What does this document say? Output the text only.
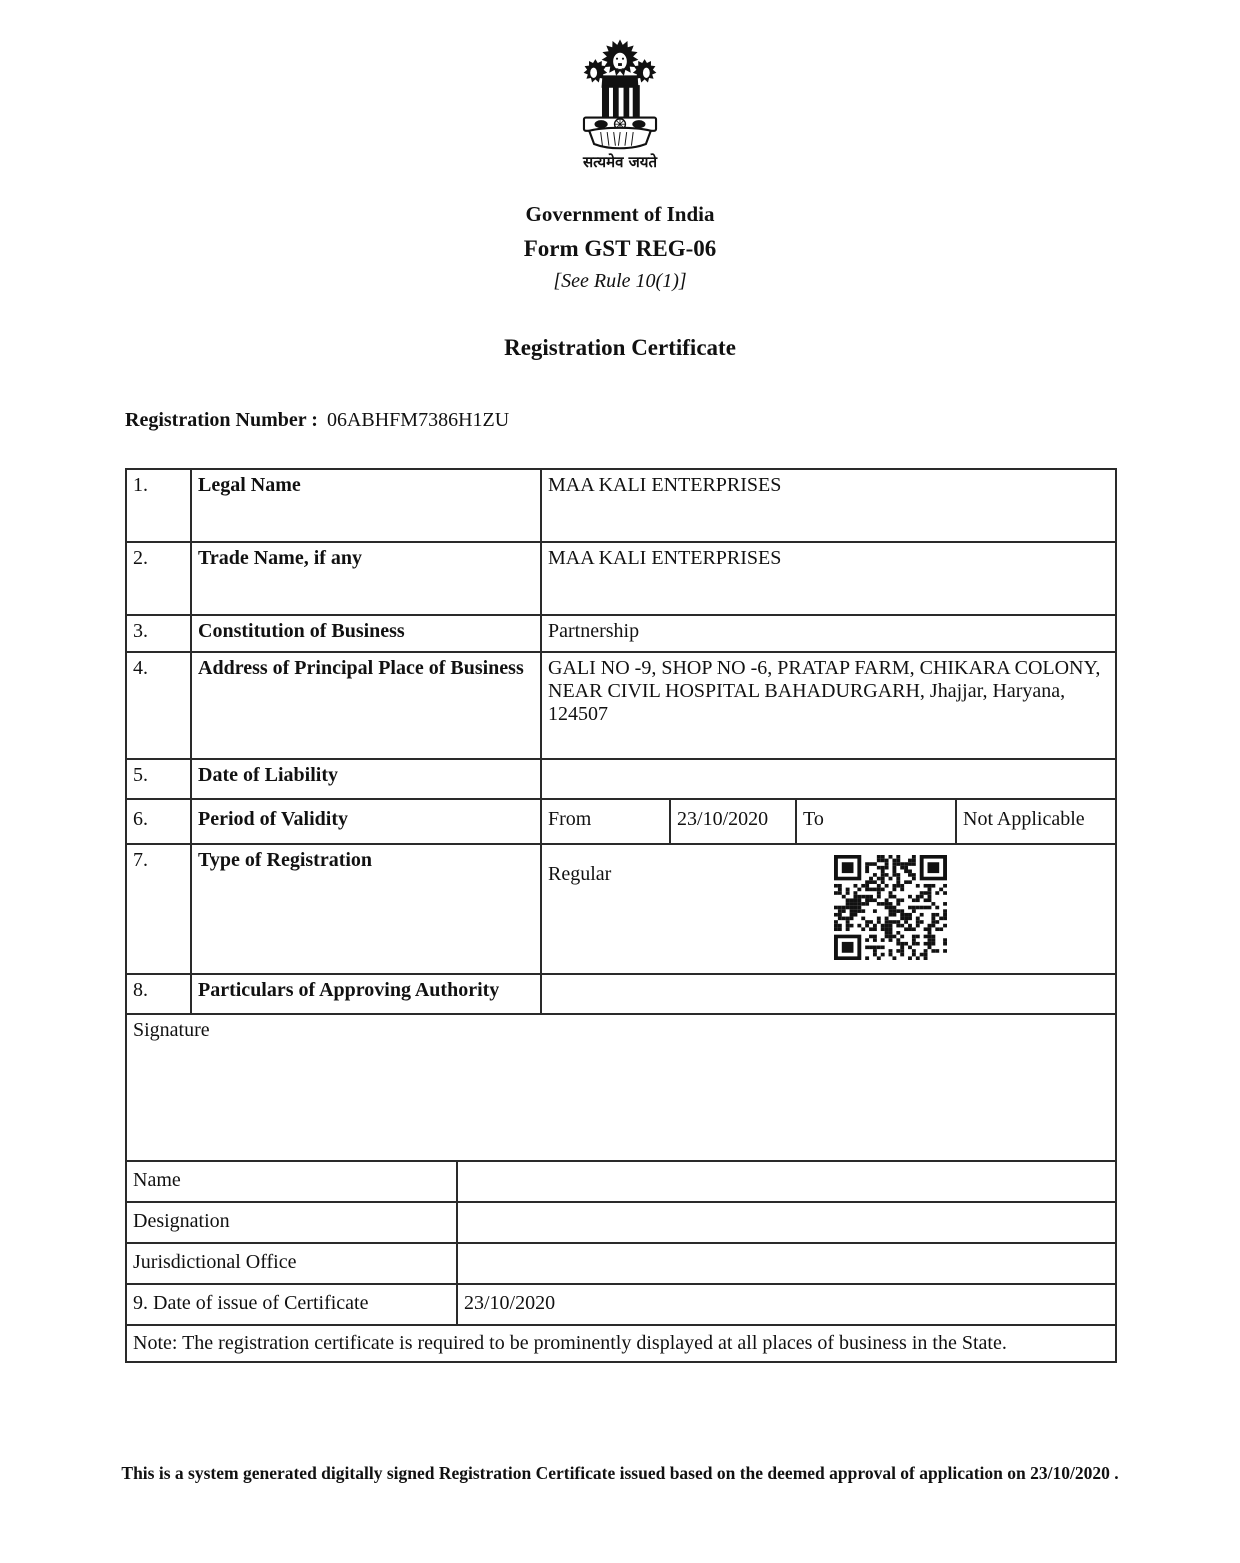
सत्यमेव जयते
Government of India
Form GST REG-06
[See Rule 10(1)]
Registration Certificate
Registration Number : 06ABHFM7386H1ZU
1.	Legal Name		MAA KALI ENTERPRISES			
2.	Trade Name, if any		MAA KALI ENTERPRISES			
3.	Constitution of Business		Partnership			
4.	Address of Principal Place of Business		GALI NO -9, SHOP NO -6, PRATAP FARM, CHIKARA COLONY, NEAR CIVIL HOSPITAL BAHADURGARH, Jhajjar, Haryana, 124507			
5.	Date of Liability					
6.	Period of Validity		From	23/10/2020	To	Not Applicable
7.	Type of Registration		Regular			

8.	Particulars of Approving Authority					
Signature						
Name						
Designation						
Jurisdictional Office						
9. Date of issue of Certificate		23/10/2020				
Note: The registration certificate is required to be prominently displayed at all places of business in the State.						
This is a system generated digitally signed Registration Certificate issued based on the deemed approval of application on 23/10/2020 .
